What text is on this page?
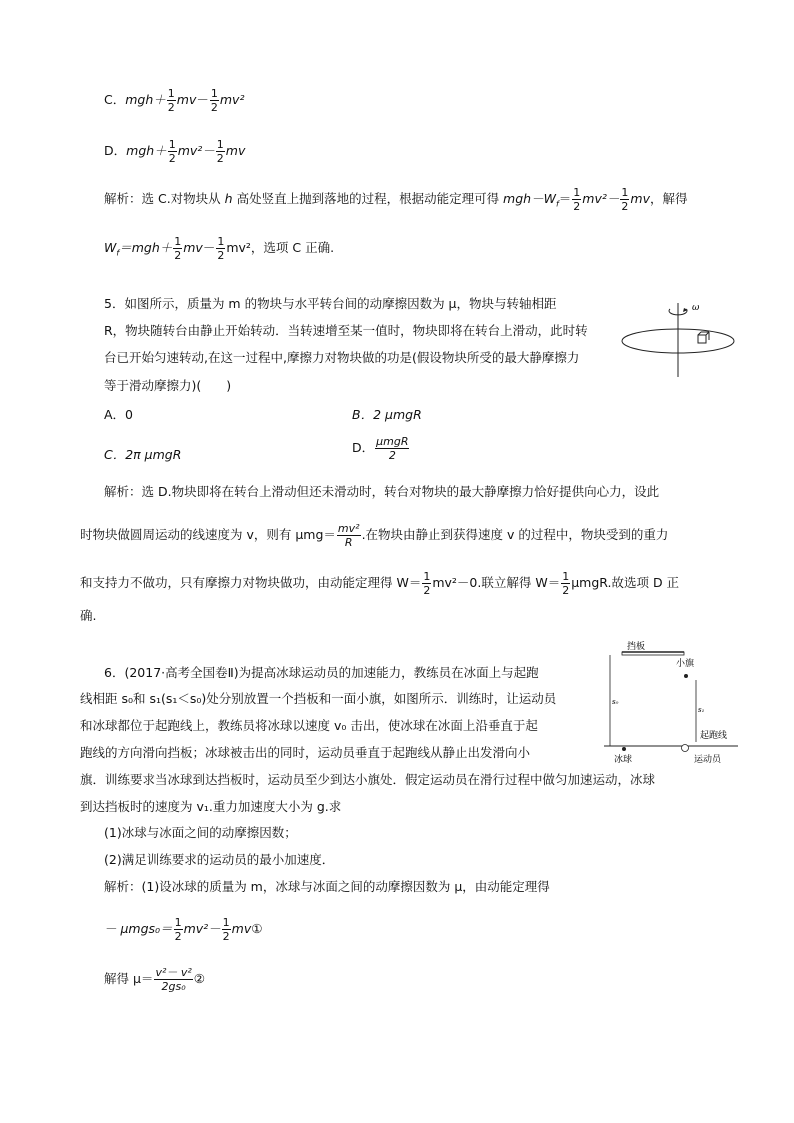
C．$mgh+ \frac{1}{2} mv- \frac{1}{2} mv^2$
D．$mgh+ \frac{1}{2} mv^2- \frac{1}{2}$ mv
解析：选 C.对物块从 h 高处竖直上抛到落地的过程，根据动能定理可得 $mgh-W_f= \frac{1}{2} mv^2- \frac{1}{2}$ mv，解得
$W_f=mgh+ \frac{1}{2} mv- \frac{1}{2} mv^2$，选项 C 正确.
5．如图所示，质量为 m 的物块与水平转台间的动摩擦因数为 μ，物块与转轴相距
R，物块随转台由静止开始转动．当转速增至某一值时，物块即将在转台上滑动，此时转
台已开始匀速转动,在这一过程中,摩擦力对物块做的功是(假设物块所受的最大静摩擦力
等于滑动摩擦力)(　　)
ω
A．0	B．2 μmgR
C．2π μmgR	D． $\frac{\text{μmgR}}{2}$
解析：选 D.物块即将在转台上滑动但还未滑动时，转台对物块的最大静摩擦力恰好提供向心力，设此
时物块做圆周运动的线速度为 v，则有 $\mu mg= \frac{\text{mv²}}{R}$ .在物块由静止到获得速度 v 的过程中，物块受到的重力
和支持力不做功，只有摩擦力对物块做功，由动能定理得 $W= \frac{1}{2} mv^2-0$.联立解得 $W= \frac{1}{2} \mu mgR$.故选项 D 正
确.
6．(2017·高考全国卷Ⅱ)为提高冰球运动员的加速能力，教练员在冰面上与起跑
线相距 s₀和 s₁(s₁＜s₀)处分别放置一个挡板和一面小旗，如图所示．训练时，让运动员
和冰球都位于起跑线上，教练员将冰球以速度 v₀ 击出，使冰球在冰面上沿垂直于起
跑线的方向滑向挡板；冰球被击出的同时，运动员垂直于起跑线从静止出发滑向小
旗．训练要求当冰球到达挡板时，运动员至少到达小旗处．假定运动员在滑行过程中做匀加速运动，冰球
到达挡板时的速度为 v₁.重力加速度大小为 g.求
(1)冰球与冰面之间的动摩擦因数；
(2)满足训练要求的运动员的最小加速度．
解析：(1)设冰球的质量为 m，冰球与冰面之间的动摩擦因数为 μ，由动能定理得
－ $\mu mgs_0= \frac{1}{2} mv^2- \frac{1}{2}$ mv①
解得 $\mu= \frac{\text{v²－ v²}}{\text{2gs₀}}$ ②
挡板
s₀
小旗
s₁
起跑线
冰球	运动员
